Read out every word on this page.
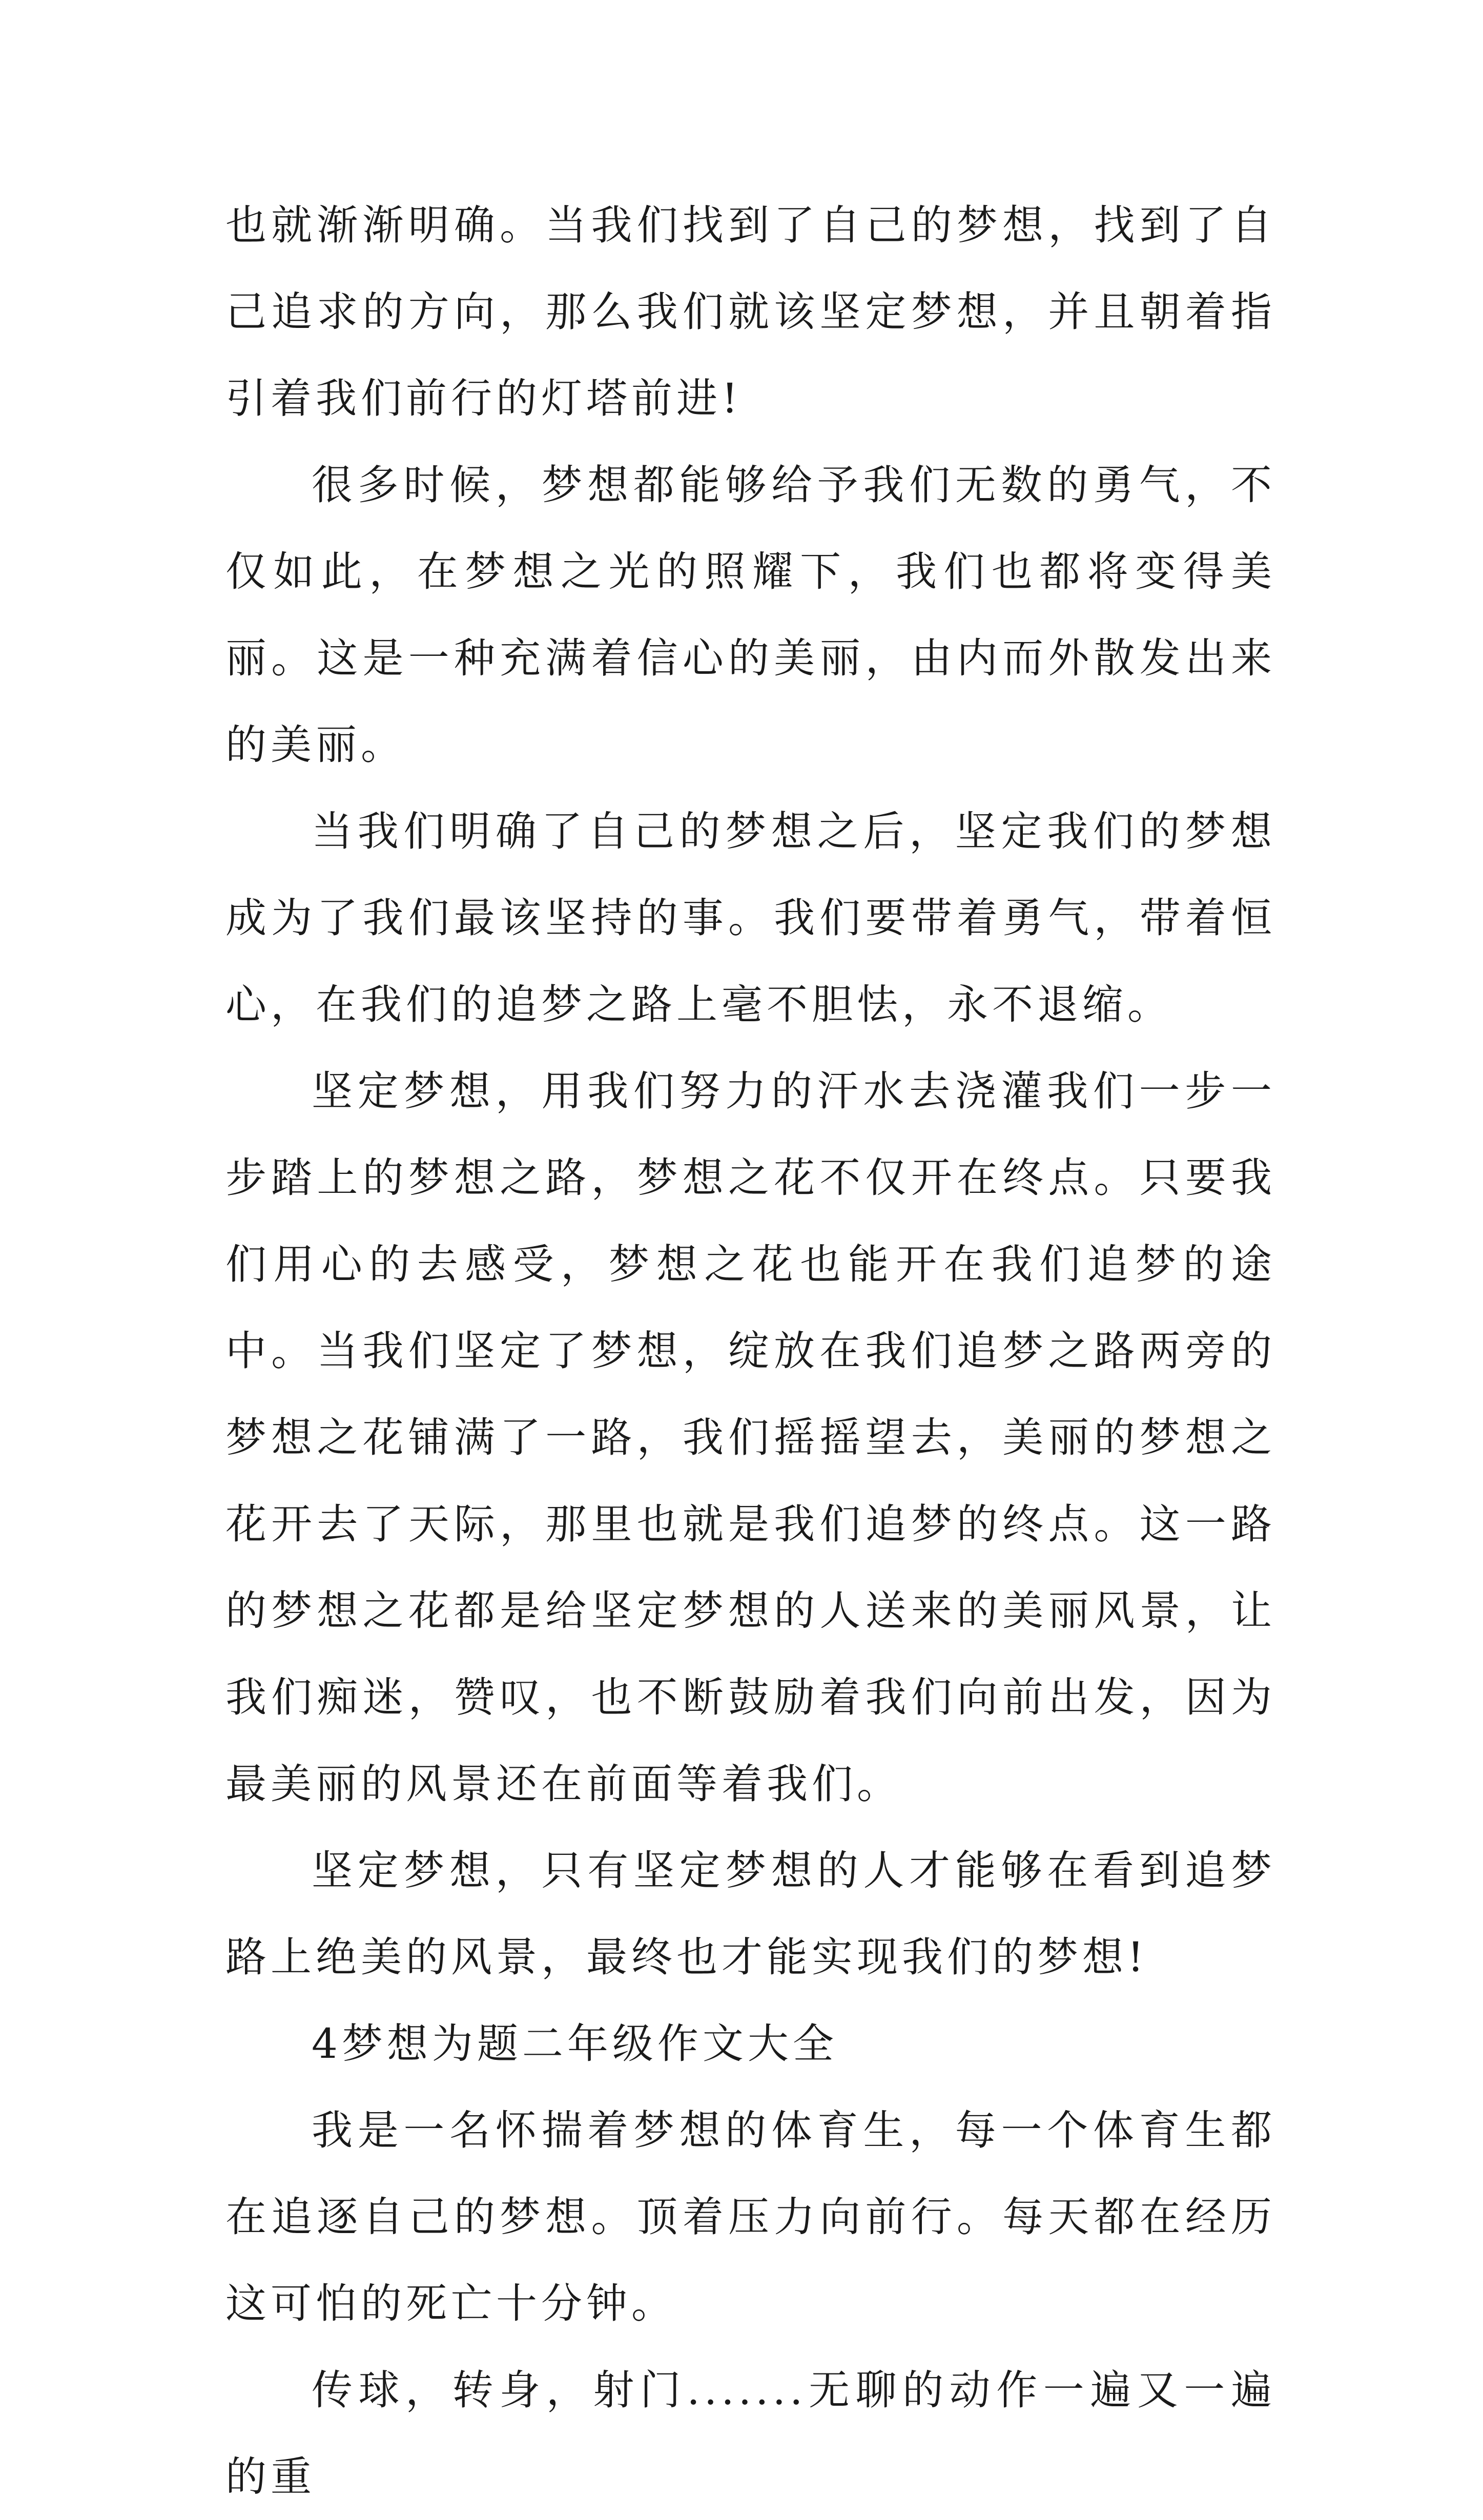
也就渐渐明确。当我们找到了自己的梦想，找到了自己追求的方向，那么我们就该坚定梦想，并且朝着指引着我们前行的灯塔前进!

很多时候，梦想都能够给予我们无数的勇气，不仅如此，在梦想之光的照耀下，我们也都将变得美丽。这是一种充满着信心的美丽，由内而外散发出来的美丽。

当我们明确了自己的梦想之后，坚定我们的梦想成为了我们最该坚持的事。我们要带着勇气，带着恒心，在我们的追梦之路上毫不胆怯，永不退缩。

坚定梦想，用我们努力的汗水去浇灌我们一步一步踏上的梦想之路，梦想之花不仅开在终点。只要我们用心的去感受，梦想之花也能开在我们追梦的途中。当我们坚定了梦想，绽放在我们追梦之路两旁的梦想之花铺满了一路，我们摇摇望去，美丽的梦想之花开去了天际，那里也就是我们追梦的终点。这一路的梦想之花都是给坚定梦想的人送来的美丽风景，让我们痴迷，赞叹，也不断鼓励着我们向前出发，因为最美丽的风景还在前面等着我们。

坚定梦想，只有坚定梦想的人才能够在看到追梦路上绝美的风景，最终也才能实现我们的梦想!

4梦想为题二年级作文大全

我是一名怀揣着梦想的体育生，每一个体育生都在追逐自己的梦想。顶着压力向前行。每天都在经历这可怕的死亡十分钟。

传球，转身，射门.......无聊的动作一遍又一遍的重
